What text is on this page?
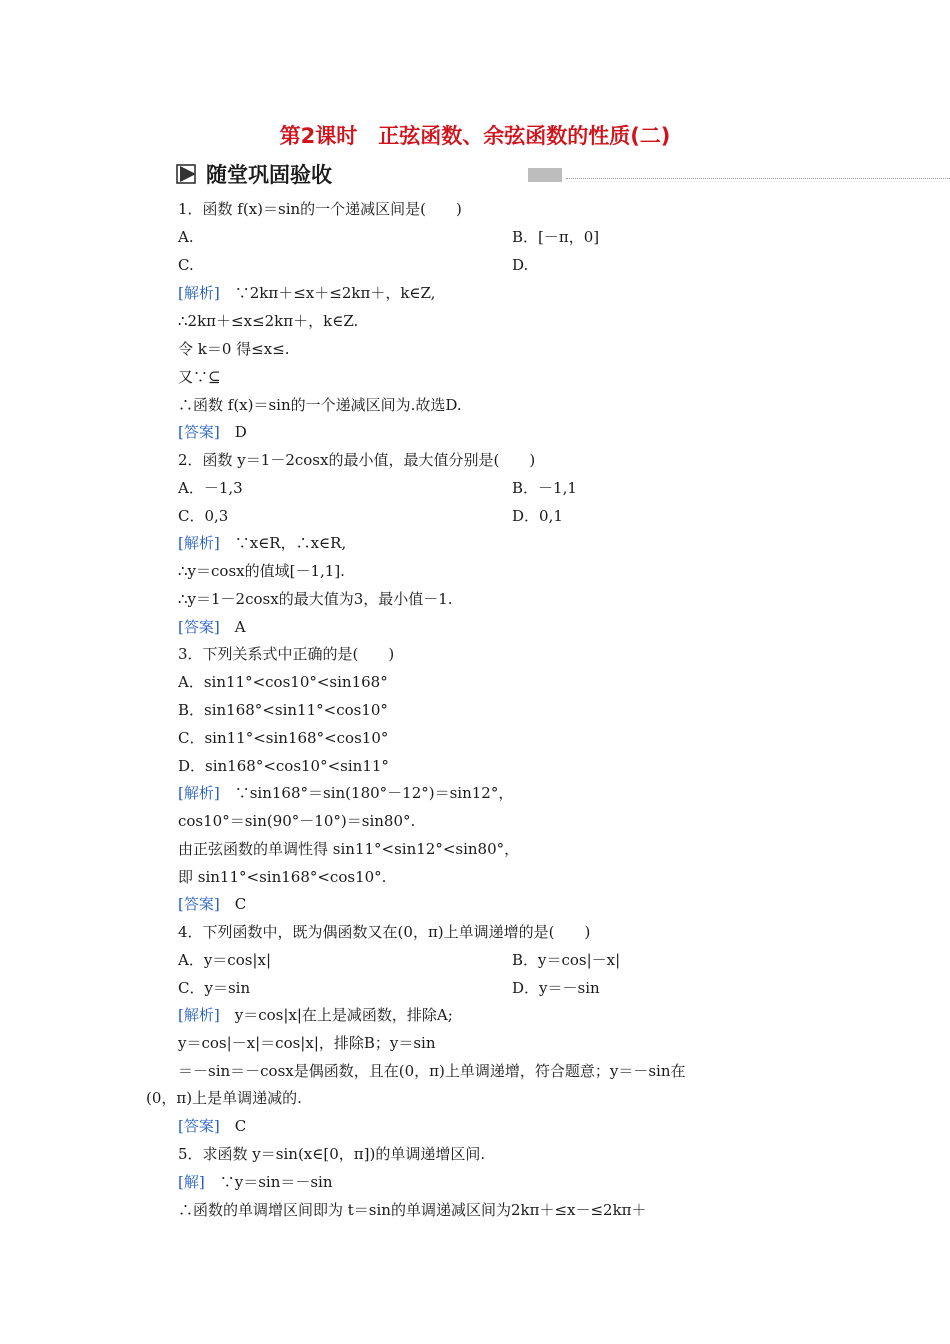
第2课时　正弦函数、余弦函数的性质(二)
随堂巩固验收
1．函数 f(x)＝sin的一个递减区间是(　　)
A.	B．[－π，0]
C.	D.
[解析]　 ∵2kπ＋≤x＋≤2kπ＋，k∈Z,
∴2kπ＋≤x≤2kπ＋，k∈Z.
令 k＝0 得≤x≤.
又∵⊆
∴函数 f(x)＝sin的一个递减区间为.故选D.
[答案]　 D
2．函数 y＝1－2cosx的最小值，最大值分别是(　　)
A．－1,3	B．－1,1
C．0,3	D．0,1
[解析]　 ∵x∈R，∴x∈R,
∴y＝cosx的值域[－1,1].
∴y＝1－2cosx的最大值为3，最小值－1.
[答案]　 A
3．下列关系式中正确的是(　　)
A．sin11°<cos10°<sin168°
B．sin168°<sin11°<cos10°
C．sin11°<sin168°<cos10°
D．sin168°<cos10°<sin11°
[解析]　 ∵sin168°＝sin(180°－12°)＝sin12°，
cos10°＝sin(90°－10°)＝sin80°.
由正弦函数的单调性得 sin11°<sin12°<sin80°，
即 sin11°<sin168°<cos10°.
[答案]　 C
4．下列函数中，既为偶函数又在(0，π)上单调递增的是(　　)
A．y＝cos|x|	B．y＝cos|－x|
C．y＝sin	D．y＝－sin
[解析]　 y＝cos|x|在上是减函数，排除A;
y＝cos|－x|＝cos|x|，排除B；y＝sin
＝－sin＝－cosx是偶函数，且在(0，π)上单调递增，符合题意；y＝－sin在
(0，π)上是单调递减的.
[答案]　 C
5．求函数 y＝sin(x∈[0，π])的单调递增区间.
[解]　 ∵y＝sin＝－sin
∴函数的单调增区间即为 t＝sin的单调递减区间为2kπ＋≤x－≤2kπ＋
